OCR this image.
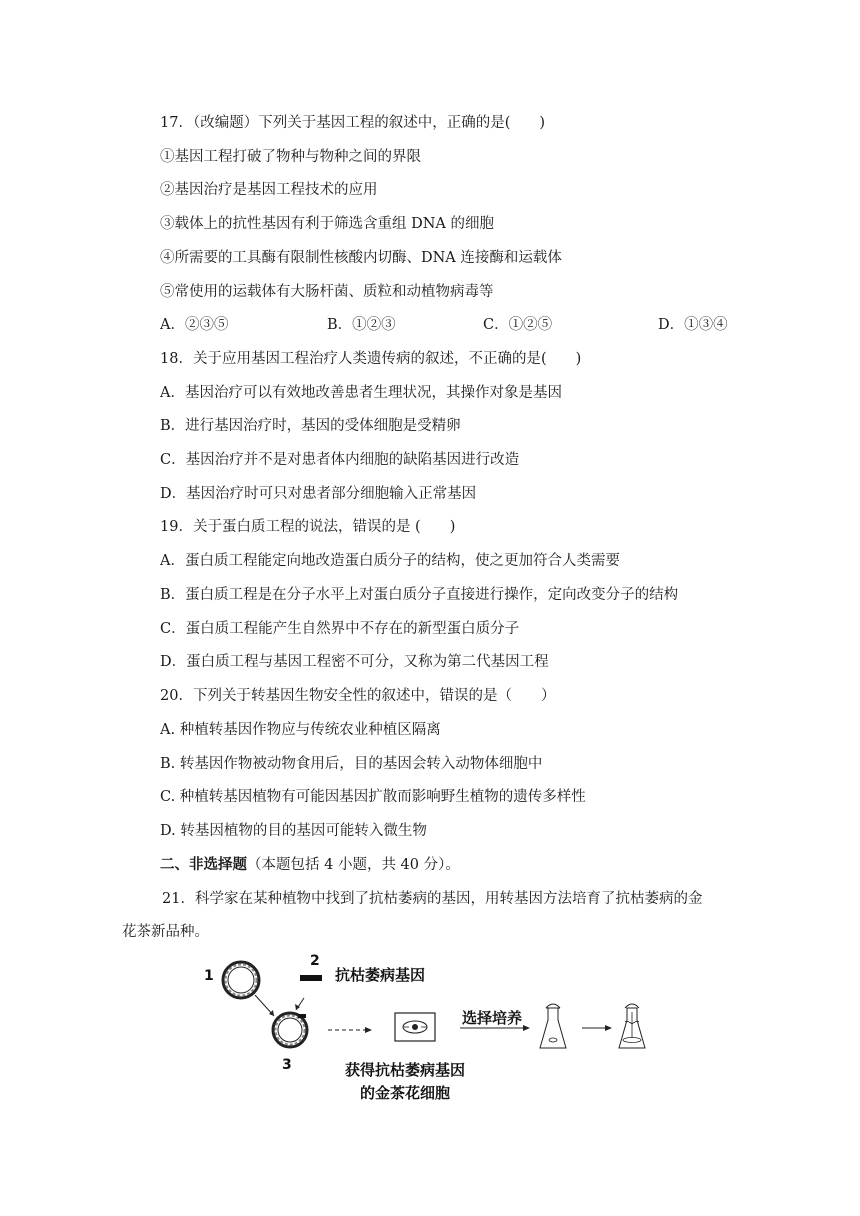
17．（改编题）下列关于基因工程的叙述中，正确的是(　　)
①基因工程打破了物种与物种之间的界限
②基因治疗是基因工程技术的应用
③载体上的抗性基因有利于筛选含重组 DNA 的细胞
④所需要的工具酶有限制性核酸内切酶、DNA 连接酶和运载体
⑤常使用的运载体有大肠杆菌、质粒和动植物病毒等
A．②③⑤	B．①②③	C．①②⑤	D．①③④
18．关于应用基因工程治疗人类遗传病的叙述，不正确的是(　　)
A．基因治疗可以有效地改善患者生理状况，其操作对象是基因
B．进行基因治疗时，基因的受体细胞是受精卵
C．基因治疗并不是对患者体内细胞的缺陷基因进行改造
D．基因治疗时可只对患者部分细胞输入正常基因
19．关于蛋白质工程的说法，错误的是 (　　)
A．蛋白质工程能定向地改造蛋白质分子的结构，使之更加符合人类需要
B．蛋白质工程是在分子水平上对蛋白质分子直接进行操作，定向改变分子的结构
C．蛋白质工程能产生自然界中不存在的新型蛋白质分子
D．蛋白质工程与基因工程密不可分，又称为第二代基因工程
20．下列关于转基因生物安全性的叙述中，错误的是（　　）
A. 种植转基因作物应与传统农业种植区隔离
B. 转基因作物被动物食用后，目的基因会转入动物体细胞中
C. 种植转基因植物有可能因基因扩散而影响野生植物的遗传多样性
D. 转基因植物的目的基因可能转入微生物
二、非选择题（本题包括 4 小题，共 40 分）。
21．科学家在某种植物中找到了抗枯萎病的基因，用转基因方法培育了抗枯萎病的金
花茶新品种。
1
2
3
抗枯萎病基因
选择培养
获得抗枯萎病基因
的金茶花细胞
